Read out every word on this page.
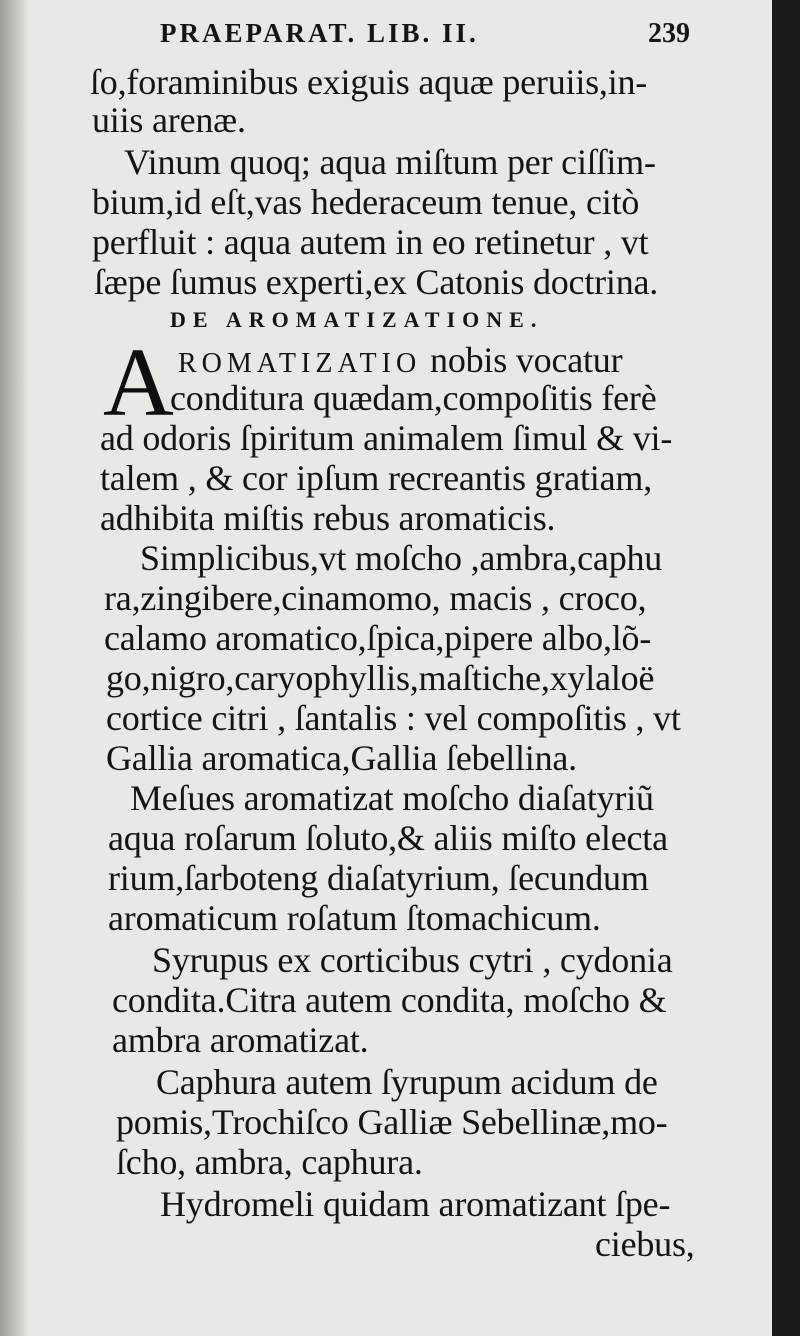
PRAEPARAT. LIB. II.	239
ſo,foraminibus exiguis aquæ peruiis,in-
uiis arenæ.
Vinum quoq; aqua miſtum per ciſſim-
bium,id eſt,vas hederaceum tenue, citò
perfluit : aqua autem in eo retinetur , vt
ſæpe ſumus experti,ex Catonis doctrina.
DE AROMATIZATIONE.
A ROMATIZATIO nobis vocatur
conditura quædam,compoſitis ferè
ad odoris ſpiritum animalem ſimul & vi-
talem , & cor ipſum recreantis gratiam,
adhibita miſtis rebus aromaticis.
Simplicibus,vt moſcho ,ambra,caphu
ra,zingibere,cinamomo, macis , croco,
calamo aromatico,ſpica,pipere albo,lõ-
go,nigro,caryophyllis,maſtiche,xylaloë
cortice citri , ſantalis : vel compoſitis , vt
Gallia aromatica,Gallia ſebellina.
Meſues aromatizat moſcho diaſatyriũ
aqua roſarum ſoluto,& aliis miſto electa
rium,ſarboteng diaſatyrium, ſecundum
aromaticum roſatum ſtomachicum.
Syrupus ex corticibus cytri , cydonia
condita.Citra autem condita, moſcho &
ambra aromatizat.
Caphura autem ſyrupum acidum de
pomis,Trochiſco Galliæ Sebellinæ,mo-
ſcho, ambra, caphura.
Hydromeli quidam aromatizant ſpe-
ciebus,
